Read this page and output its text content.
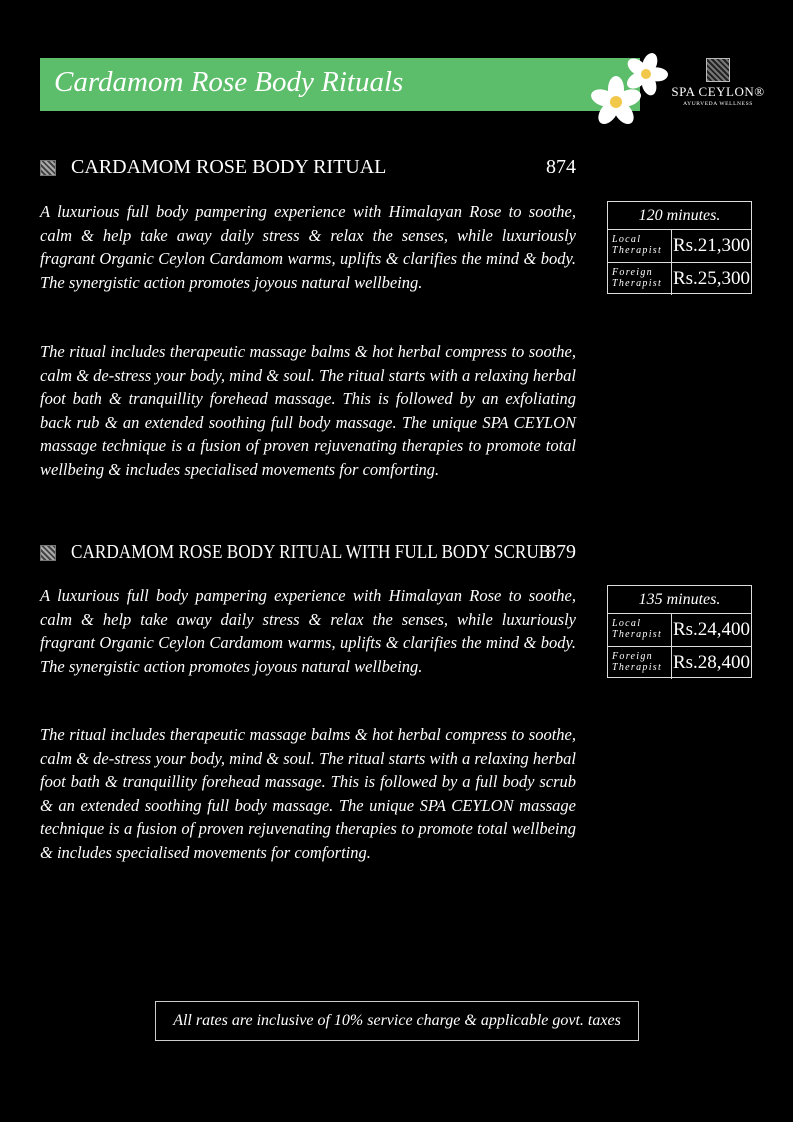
Cardamom Rose Body Rituals	SPA CEYLON®
AYURVEDA WELLNESS
CARDAMOM ROSE BODY RITUAL	874

A luxurious full body pampering experience with Himalayan Rose to soothe, calm & help take away daily stress & relax the senses, while luxuriously fragrant Organic Ceylon Cardamom warms, uplifts & clarifies the mind & body. The synergistic action promotes joyous natural wellbeing.

The ritual includes therapeutic massage balms & hot herbal compress to soothe, calm & de-stress your body, mind & soul. The ritual starts with a relaxing herbal foot bath & tranquillity forehead massage. This is followed by an exfoliating back rub & an extended soothing full body massage. The unique SPA CEYLON massage technique is a fusion of proven rejuvenating therapies to promote total wellbeing & includes specialised movements for comforting.

120 minutes.
Local
Therapist Rs.21,300
Foreign
Therapist Rs.25,300
CARDAMOM ROSE BODY RITUAL WITH FULL BODY SCRUB
879

A luxurious full body pampering experience with Himalayan Rose to soothe, calm & help take away daily stress & relax the senses, while luxuriously fragrant Organic Ceylon Cardamom warms, uplifts & clarifies the mind & body. The synergistic action promotes joyous natural wellbeing.

The ritual includes therapeutic massage balms & hot herbal compress to soothe, calm & de-stress your body, mind & soul. The ritual starts with a relaxing herbal foot bath & tranquillity forehead massage. This is followed by a full body scrub & an extended soothing full body massage. The unique SPA CEYLON massage technique is a fusion of proven rejuvenating therapies to promote total wellbeing & includes specialised movements for comforting.

135 minutes.
Local
Therapist Rs.24,400
Foreign
Therapist Rs.28,400
All rates are inclusive of 10% service charge & applicable govt. taxes
